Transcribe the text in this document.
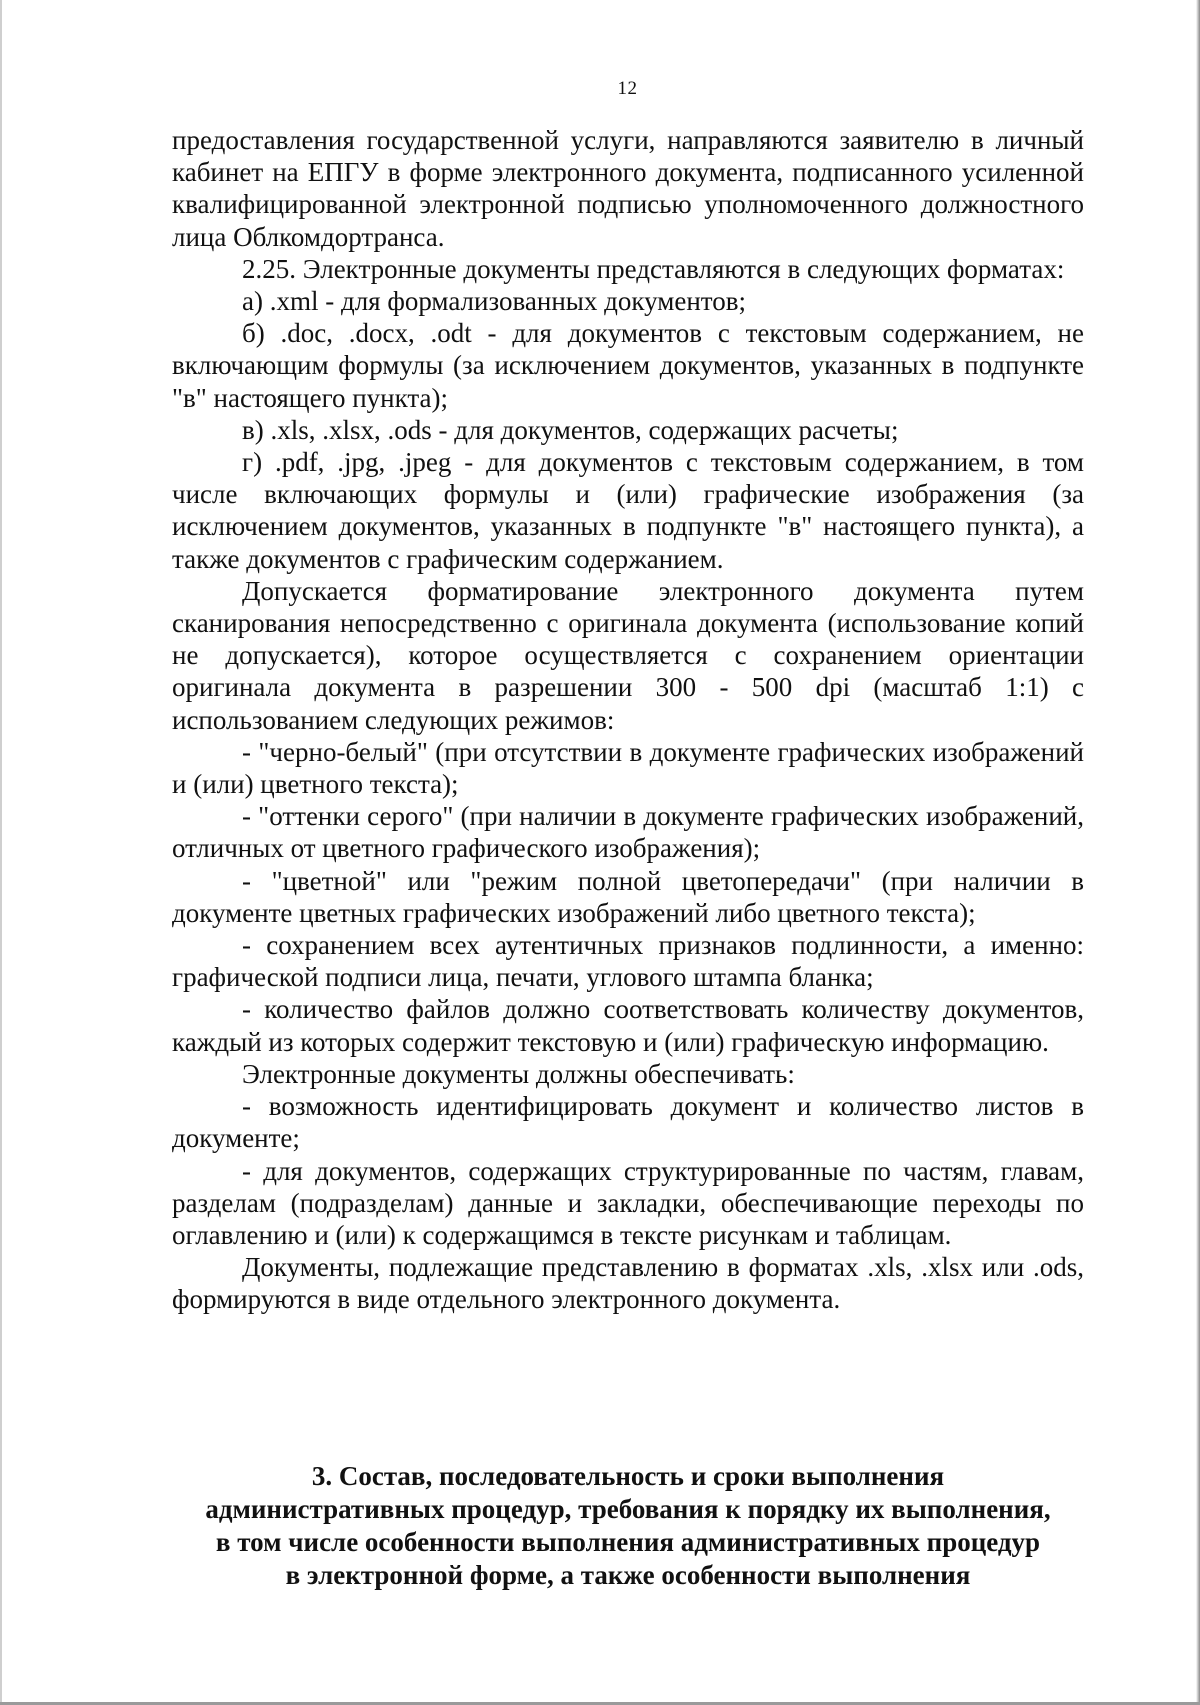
12

предоставления государственной услуги, направляются заявителю в личный кабинет на ЕПГУ в форме электронного документа, подписанного усиленной квалифицированной электронной подписью уполномоченного должностного лица Облкомдортранса.

2.25. Электронные документы представляются в следующих форматах:

а) .xml - для формализованных документов;

б) .doc, .docx, .odt - для документов с текстовым содержанием, не включающим формулы (за исключением документов, указанных в подпункте "в" настоящего пункта);

в) .xls, .xlsx, .ods - для документов, содержащих расчеты;

г) .pdf, .jpg, .jpeg - для документов с текстовым содержанием, в том числе включающих формулы и (или) графические изображения (за исключением документов, указанных в подпункте "в" настоящего пункта), а также документов с графическим содержанием.

Допускается форматирование электронного документа путем сканирования непосредственно с оригинала документа (использование копий не допускается), которое осуществляется с сохранением ориентации оригинала документа в разрешении 300 - 500 dpi (масштаб 1:1) с использованием следующих режимов:

- "черно-белый" (при отсутствии в документе графических изображений и (или) цветного текста);

- "оттенки серого" (при наличии в документе графических изображений, отличных от цветного графического изображения);

- "цветной" или "режим полной цветопередачи" (при наличии в документе цветных графических изображений либо цветного текста);

- сохранением всех аутентичных признаков подлинности, а именно: графической подписи лица, печати, углового штампа бланка;

- количество файлов должно соответствовать количеству документов, каждый из которых содержит текстовую и (или) графическую информацию.

Электронные документы должны обеспечивать:

- возможность идентифицировать документ и количество листов в документе;

- для документов, содержащих структурированные по частям, главам, разделам (подразделам) данные и закладки, обеспечивающие переходы по оглавлению и (или) к содержащимся в тексте рисункам и таблицам.

Документы, подлежащие представлению в форматах .xls, .xlsx или .ods, формируются в виде отдельного электронного документа.

3. Состав, последовательность и сроки выполнения
административных процедур, требования к порядку их выполнения,
в том числе особенности выполнения административных процедур
в электронной форме, а также особенности выполнения
